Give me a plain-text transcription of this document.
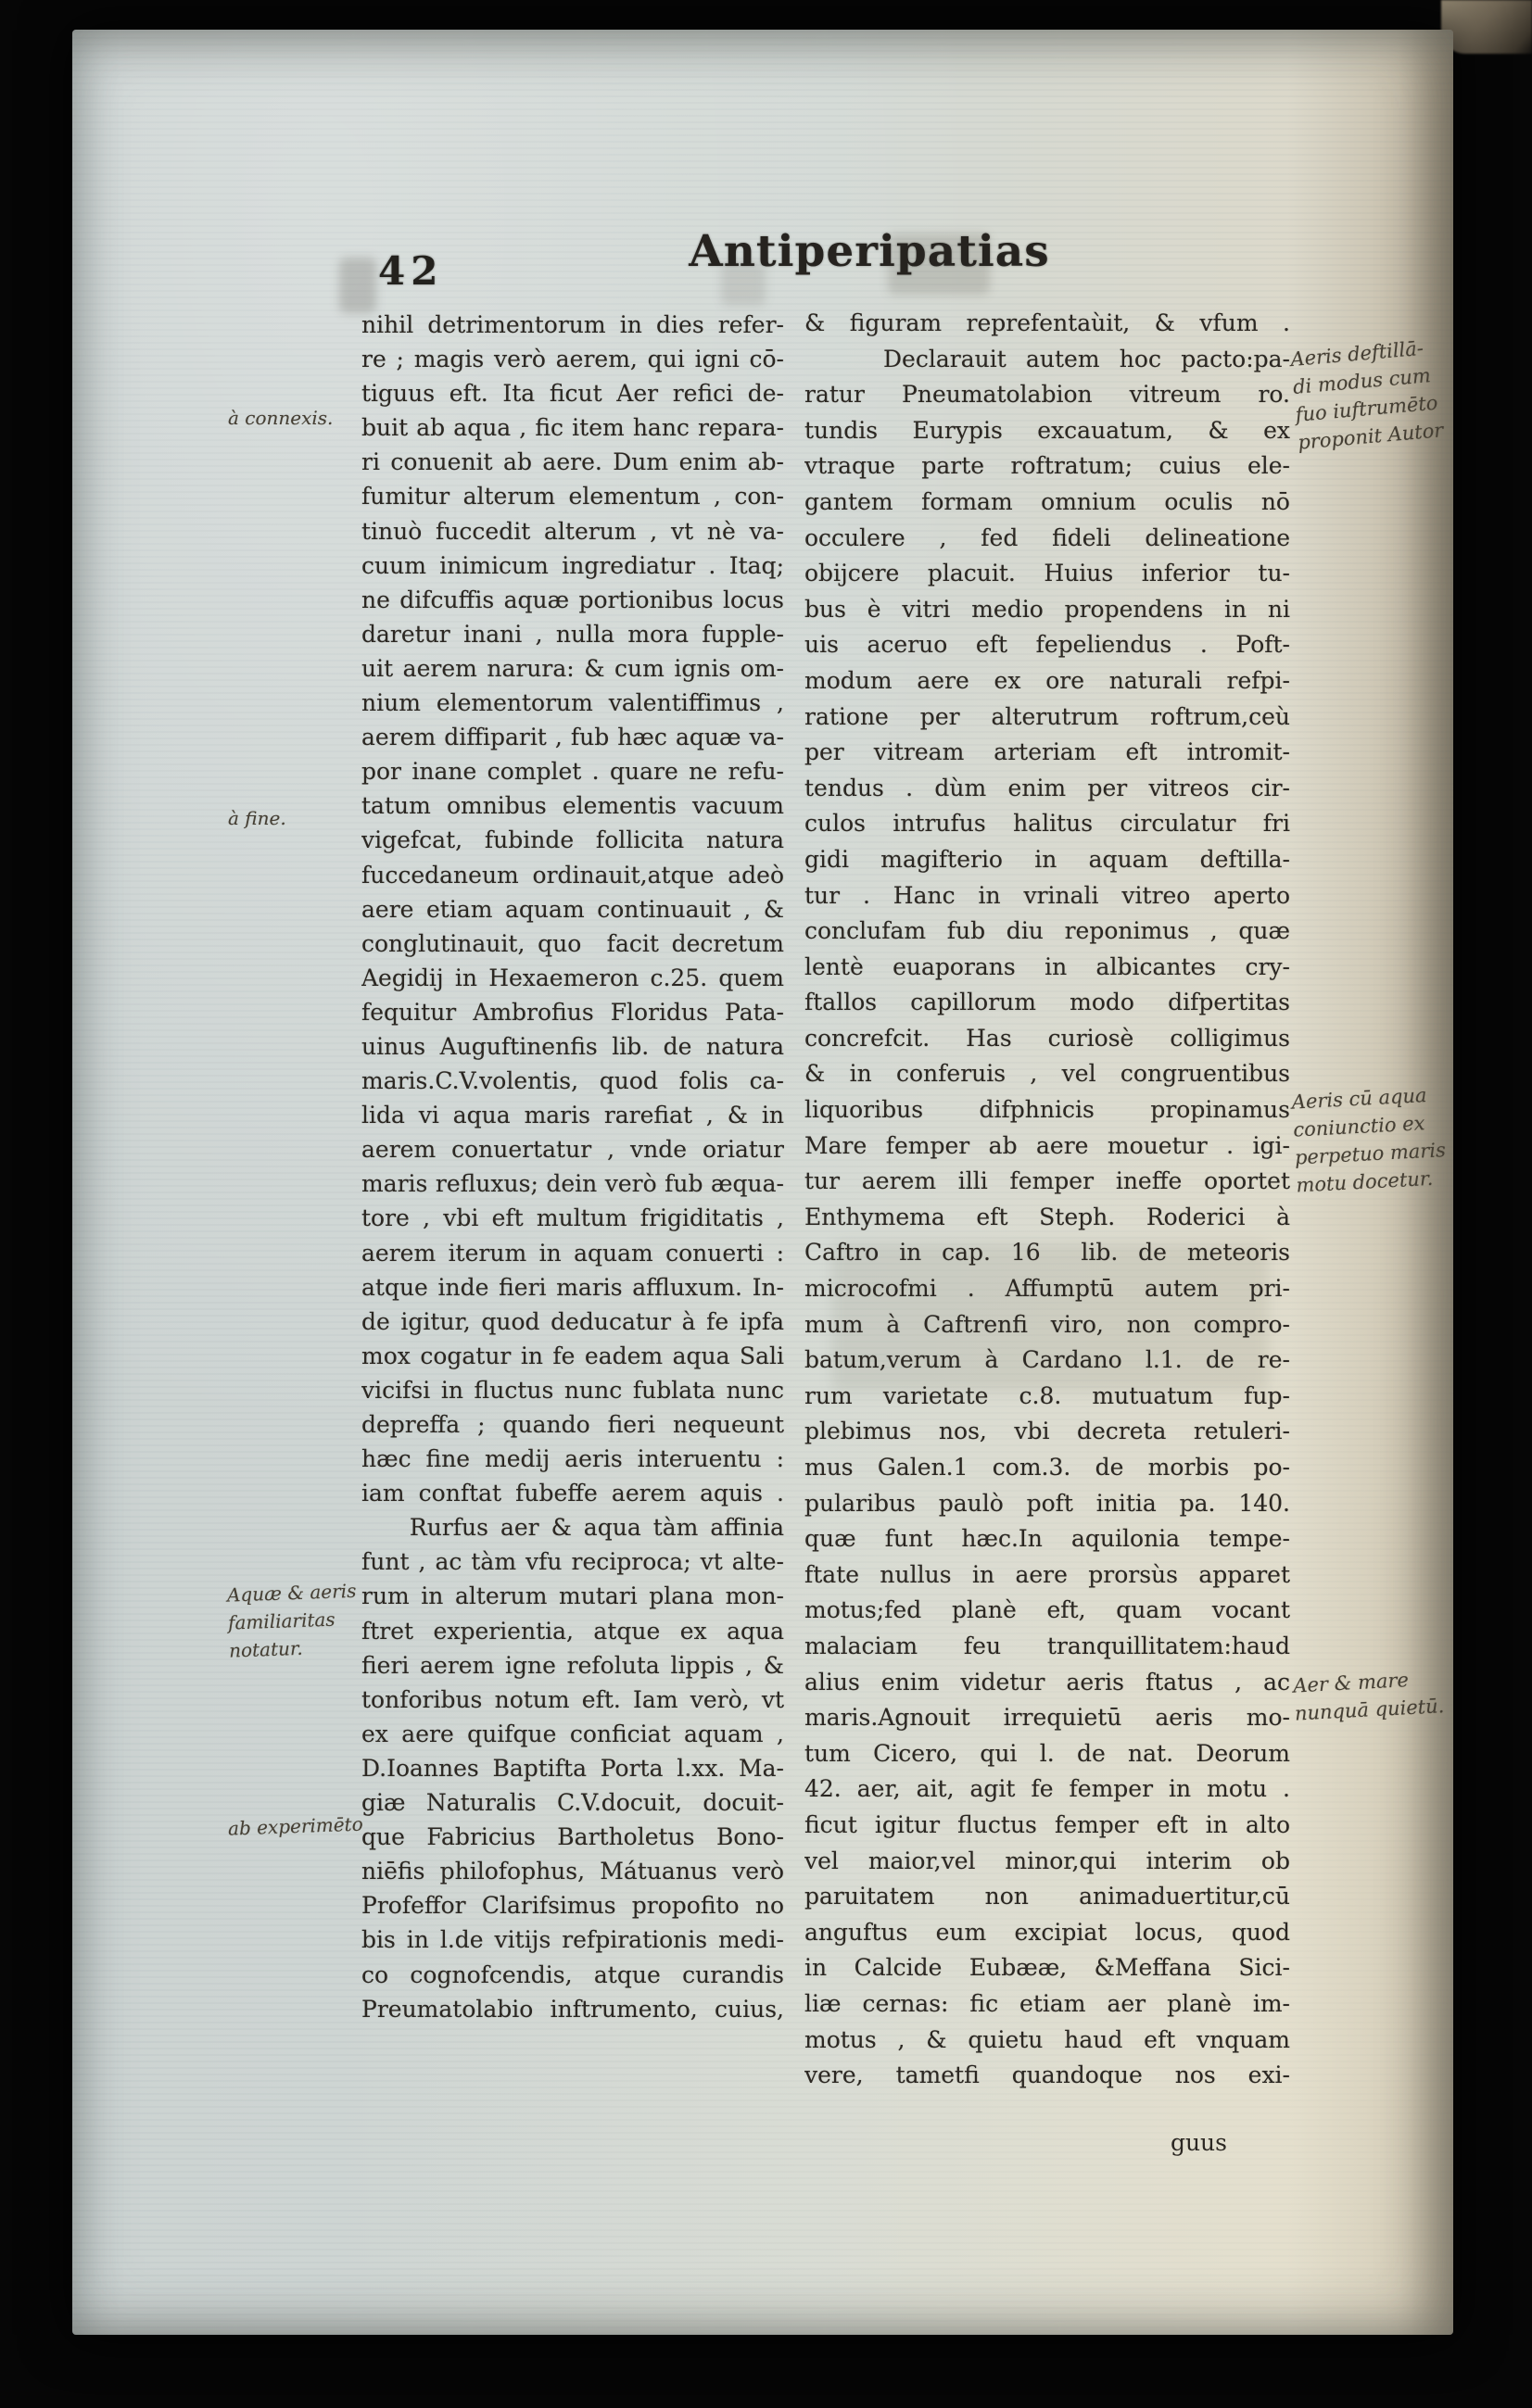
42	Antiperipatias
à connexis.
à fine.
Aquæ & aeris
familiaritas
notatur.
ab experimēto
Aeris deftillā-
di modus cum
fuo iuftrumēto
proponit Autor
Aeris cū aqua
coniunctio ex
perpetuo maris
motu docetur.
Aer & mare
nunquā quietū.
nihil detrimentorum in dies refer-
re ; magis verò aerem, qui igni cō-
tiguus eft. Ita ficut Aer refici de-
buit ab aqua , fic item hanc repara-
ri conuenit ab aere. Dum enim ab-
fumitur alterum elementum , con-
tinuò fuccedit alterum , vt nè va-
cuum inimicum ingrediatur . Itaq;
ne difcuffis aquæ portionibus locus
daretur inani , nulla mora fupple-
uit aerem narura: & cum ignis om-
nium elementorum valentiffimus ,
aerem diffiparit , fub hæc aquæ va-
por inane complet . quare ne refu-
tatum omnibus elementis vacuum
vigefcat, fubinde follicita natura
fuccedaneum ordinauit,atque adeò
aere etiam aquam continuauit , &
conglutinauit, quo  facit decretum
Aegidij in Hexaemeron c.25. quem
fequitur Ambrofius Floridus Pata-
uinus Auguftinenfis lib. de natura
maris.C.V.volentis, quod folis ca-
lida vi aqua maris rarefiat , & in
aerem conuertatur , vnde oriatur
maris refluxus; dein verò fub æqua-
tore , vbi eft multum frigiditatis ,
aerem iterum in aquam conuerti :
atque inde fieri maris affluxum. In-
de igitur, quod deducatur à fe ipfa
mox cogatur in fe eadem aqua Sali
vicifsi in fluctus nunc fublata nunc
depreffa ; quando fieri nequeunt
hæc fine medij aeris interuentu :
iam conftat fubeffe aerem aquis .
Rurfus aer & aqua tàm affinia
funt , ac tàm vfu reciproca; vt alte-
rum in alterum mutari plana mon-
ftret experientia, atque ex aqua
fieri aerem igne refoluta lippis , &
tonforibus notum eft. Iam verò, vt
ex aere quifque conficiat aquam ,
D.Ioannes Baptifta Porta l.xx. Ma-
giæ Naturalis C.V.docuit, docuit-
que Fabricius Bartholetus Bono-
niēfis philofophus, Mátuanus verò
Profeffor Clarifsimus propofito no
bis in l.de vitijs refpirationis medi-
co cognofcendis, atque curandis
Preumatolabio inftrumento, cuius,
& figuram reprefentaùit, & vfum .
Declarauit autem hoc pacto:pa-
ratur Pneumatolabion vitreum ro.
tundis Eurypis excauatum, & ex
vtraque parte roftratum; cuius ele-
gantem formam omnium oculis nō
occulere , fed fideli delineatione
obijcere placuit. Huius inferior tu-
bus è vitri medio propendens in ni
uis aceruo eft fepeliendus . Poft-
modum aere ex ore naturali refpi-
ratione per alterutrum roftrum,ceù
per vitream arteriam eft intromit-
tendus . dùm enim per vitreos cir-
culos intrufus halitus circulatur fri
gidi magifterio in aquam deftilla-
tur . Hanc in vrinali vitreo aperto
conclufam fub diu reponimus , quæ
lentè euaporans in albicantes cry-
ftallos capillorum modo difpertitas
concrefcit. Has curiosè colligimus
& in conferuis , vel congruentibus
liquoribus difphnicis propinamus
Mare femper ab aere mouetur . igi-
tur aerem illi femper ineffe oportet
Enthymema eft Steph. Roderici à
Caftro in cap. 16  lib. de meteoris
microcofmi . Affumptū autem pri-
mum à Caftrenfi viro, non compro-
batum,verum à Cardano l.1. de re-
rum varietate c.8. mutuatum fup-
plebimus nos, vbi decreta retuleri-
mus Galen.1 com.3. de morbis po-
pularibus paulò poft initia pa. 140.
quæ funt hæc.In aquilonia tempe-
ftate nullus in aere prorsùs apparet
motus;fed planè eft, quam vocant
malaciam feu tranquillitatem:haud
alius enim videtur aeris ftatus , ac
maris.Agnouit irrequietū aeris mo-
tum Cicero, qui l. de nat. Deorum
42. aer, ait, agit fe femper in motu .
ficut igitur fluctus femper eft in alto
vel maior,vel minor,qui interim ob
paruitatem non animaduertitur,cū
anguftus eum excipiat locus, quod
in Calcide Eubææ, &Meffana Sici-
liæ cernas: fic etiam aer planè im-
motus , & quietu haud eft vnquam
vere, tametfi quandoque nos exi-
guus
